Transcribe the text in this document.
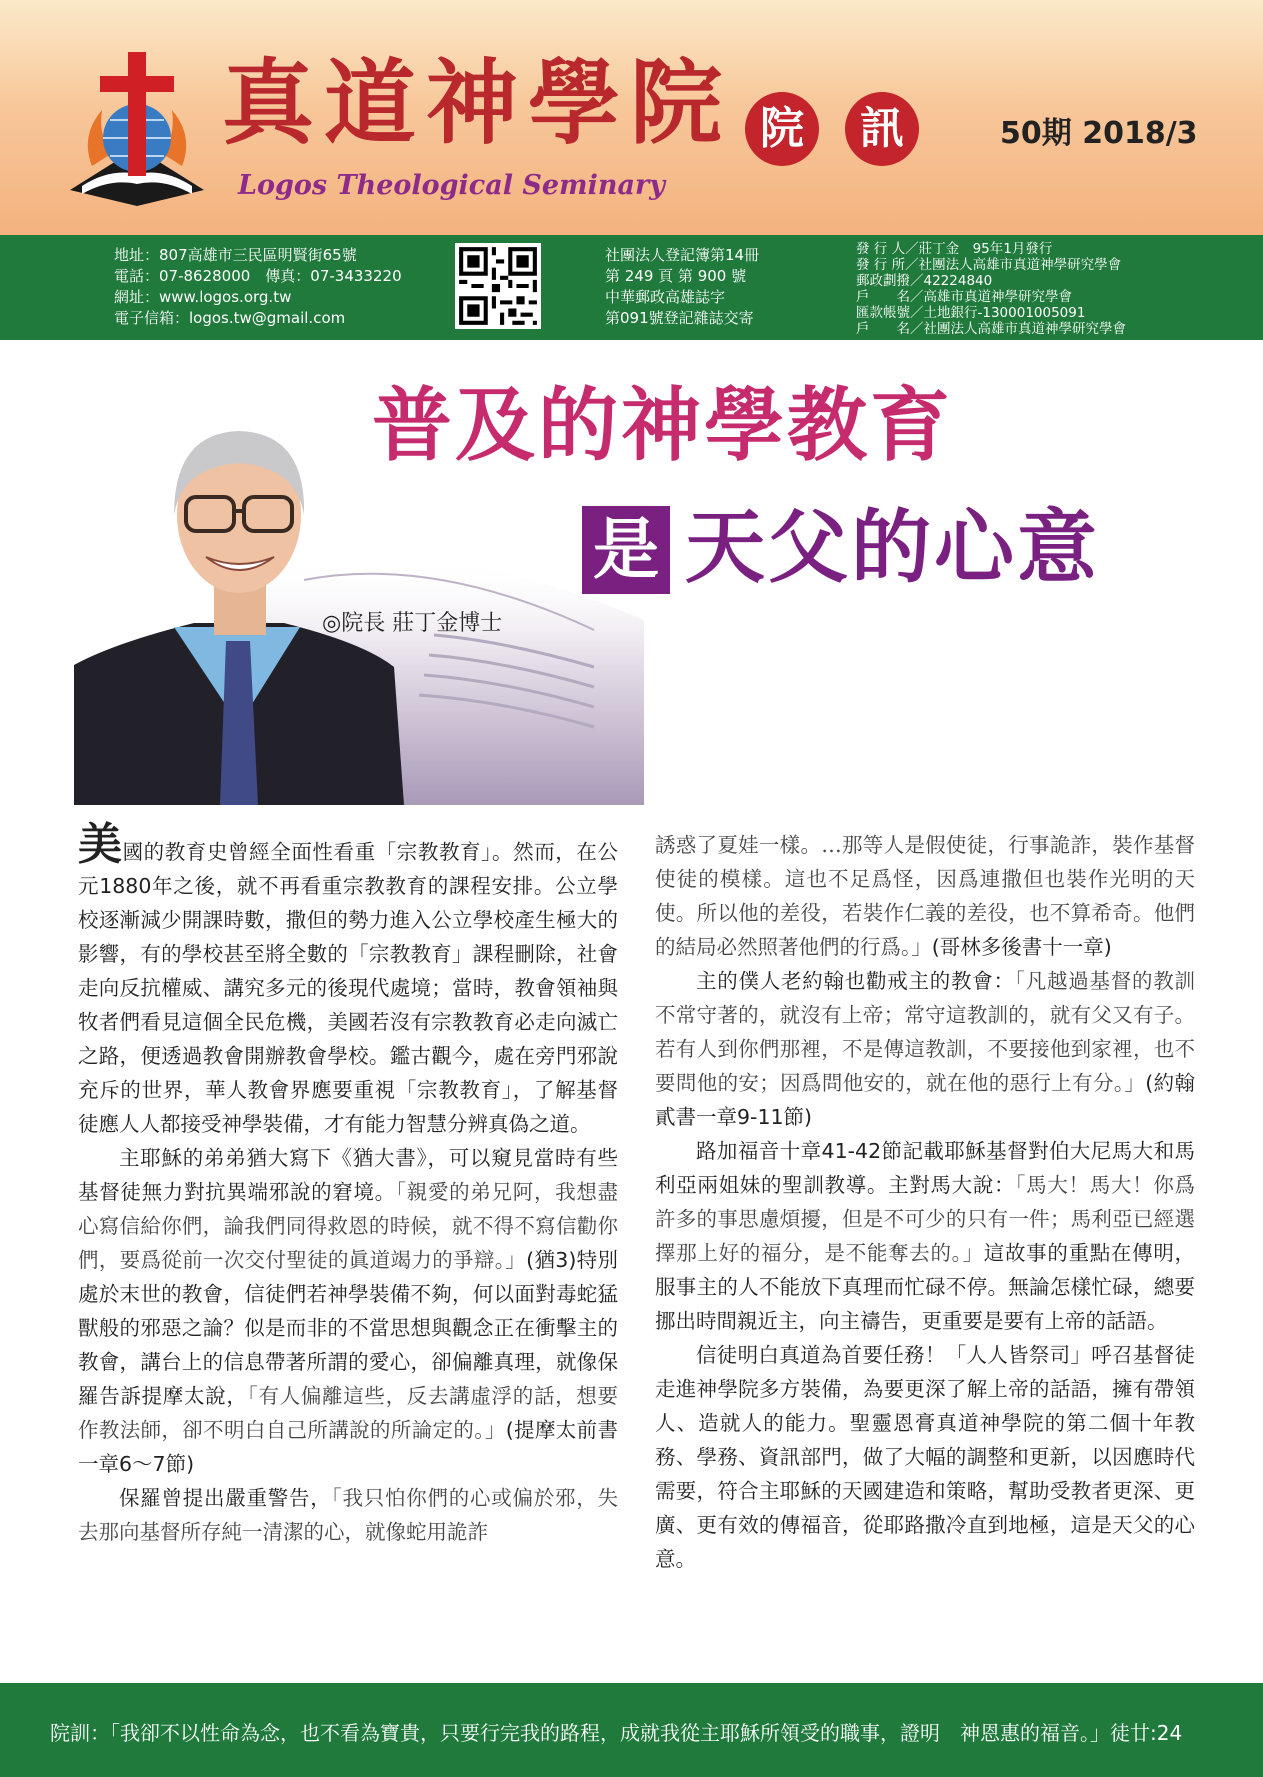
真道神學院
Logos Theological Seminary
院	訊	50期 2018/3
地址：807高雄市三民區明賢街65號
電話：07-8628000　傳真：07-3433220
網址：www.logos.org.tw
電子信箱：logos.tw@gmail.com
社團法人登記簿第14冊
第 249 頁 第 900 號
中華郵政高雄誌字
第091號登記雜誌交寄
發 行 人／莊丁金　95年1月發行
發 行 所／社團法人高雄市真道神學研究學會
郵政劃撥／42224840
戶　　名／高雄市真道神學研究學會
匯款帳號／土地銀行-130001005091
戶　　名／社團法人高雄市真道神學研究學會
普及的神學教育
是 天父的心意
◎院長 莊丁金博士

美國的教育史曾經全面性看重「宗教教育」。然而，在公元1880年之後，就不再看重宗教教育的課程安排。公立學校逐漸減少開課時數，撒但的勢力進入公立學校產生極大的影響，有的學校甚至將全數的「宗教教育」課程刪除，社會走向反抗權威、講究多元的後現代處境；當時，教會領袖與牧者們看見這個全民危機，美國若沒有宗教教育必走向滅亡之路，便透過教會開辦教會學校。鑑古觀今，處在旁門邪說充斥的世界，華人教會界應要重視「宗教教育」，了解基督徒應人人都接受神學裝備，才有能力智慧分辨真偽之道。

主耶穌的弟弟猶大寫下《猶大書》，可以窺見當時有些基督徒無力對抗異端邪說的窘境。「親愛的弟兄阿，我想盡心寫信給你們，論我們同得救恩的時候，就不得不寫信勸你們，要爲從前一次交付聖徒的眞道竭力的爭辯。」(猶3)特別處於末世的教會，信徒們若神學裝備不夠，何以面對毒蛇猛獸般的邪惡之論？似是而非的不當思想與觀念正在衝擊主的教會，講台上的信息帶著所謂的愛心，卻偏離真理，就像保羅告訴提摩太說，「有人偏離這些，反去講虛浮的話，想要作教法師，卻不明白自己所講說的所論定的。」(提摩太前書一章6～7節)

保羅曾提出嚴重警告，「我只怕你們的心或偏於邪，失去那向基督所存純一清潔的心，就像蛇用詭詐

誘惑了夏娃一樣。…那等人是假使徒，行事詭詐，裝作基督使徒的模樣。這也不足爲怪，因爲連撒但也裝作光明的天使。所以他的差役，若裝作仁義的差役，也不算希奇。他們的結局必然照著他們的行爲。」(哥林多後書十一章)

主的僕人老約翰也勸戒主的教會：「凡越過基督的教訓不常守著的，就沒有上帝；常守這教訓的，就有父又有子。若有人到你們那裡，不是傳這教訓，不要接他到家裡，也不要問他的安；因爲問他安的，就在他的惡行上有分。」(約翰貳書一章9-11節)

路加福音十章41-42節記載耶穌基督對伯大尼馬大和馬利亞兩姐妹的聖訓教導。主對馬大說：「馬大！馬大！你爲許多的事思慮煩擾，但是不可少的只有一件；馬利亞已經選擇那上好的福分，是不能奪去的。」這故事的重點在傳明，服事主的人不能放下真理而忙碌不停。無論怎樣忙碌，總要挪出時間親近主，向主禱告，更重要是要有上帝的話語。

信徒明白真道為首要任務！「人人皆祭司」呼召基督徒走進神學院多方裝備，為要更深了解上帝的話語，擁有帶領人、造就人的能力。聖靈恩膏真道神學院的第二個十年教務、學務、資訊部門，做了大幅的調整和更新，以因應時代需要，符合主耶穌的天國建造和策略，幫助受教者更深、更廣、更有效的傳福音，從耶路撒冷直到地極，這是天父的心意。

院訓：「我卻不以性命為念，也不看為寶貴，只要行完我的路程，成就我從主耶穌所領受的職事，證明　神恩惠的福音。」徒廿:24
